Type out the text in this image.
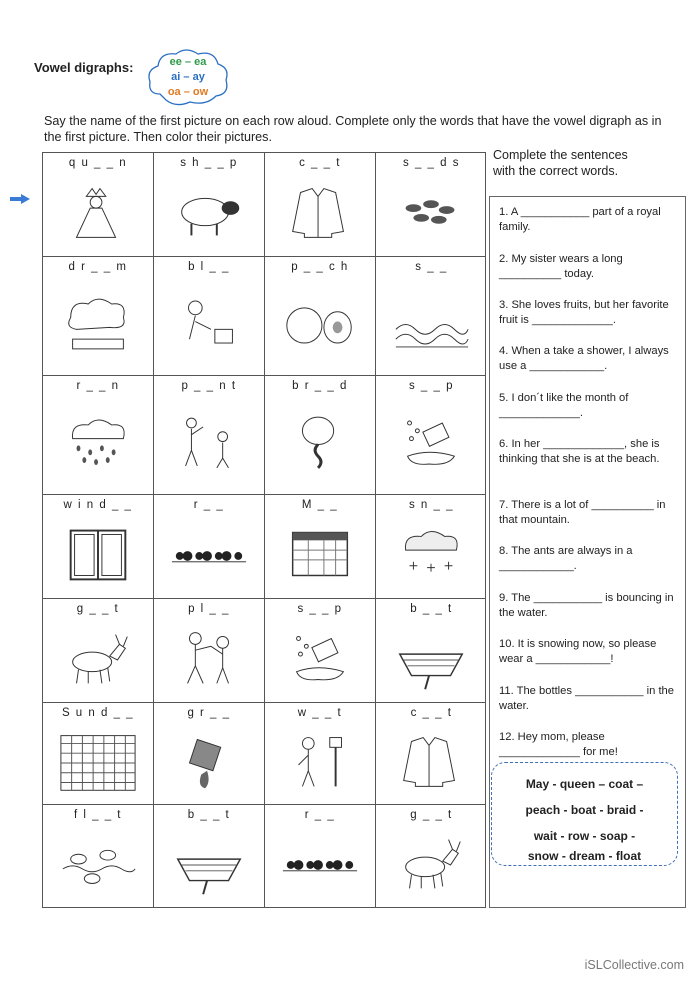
Vowel digraphs:	ee – ea
ai – ay
oa – ow
Say the name of the first picture on each row aloud. Complete only the words that have the vowel digraph as in the first picture. Then color their pictures.
q u _ _ n	s h _ _ p	c _ _ t	s _ _ d s
d r _ _ m	b l _ _	p _ _ c h	s _ _
r _ _ n	p _ _ n t	b r _ _ d	s _ _ p
w i n d _ _	r _ _	M _ _	s n _ _
g _ _ t	p l _ _	s _ _ p	b _ _ t
S u n d _ _	g r _ _	w _ _ t	c _ _ t
f l _ _ t	b _ _ t	r _ _	g _ _ t
Complete the sentences with the correct words.
1. A ___________ part of a royal family.
2. My sister wears a long __________ today.
3. She loves fruits, but her favorite fruit is _____________.
4. When a take a shower, I always use a ____________.
5. I don´t like the month of _____________.
6. In her _____________, she is thinking that she is at the beach.
7. There is a lot of __________ in that mountain.
8. The ants are always in a ____________.
9. The ___________ is bouncing in the water.
10. It is snowing now, so please wear a ____________!
11. The bottles ___________ in the water.
12. Hey mom, please _____________ for me!
May - queen – coat –
peach - boat - braid -
wait - row - soap -
snow - dream - float
iSLCollective.com
